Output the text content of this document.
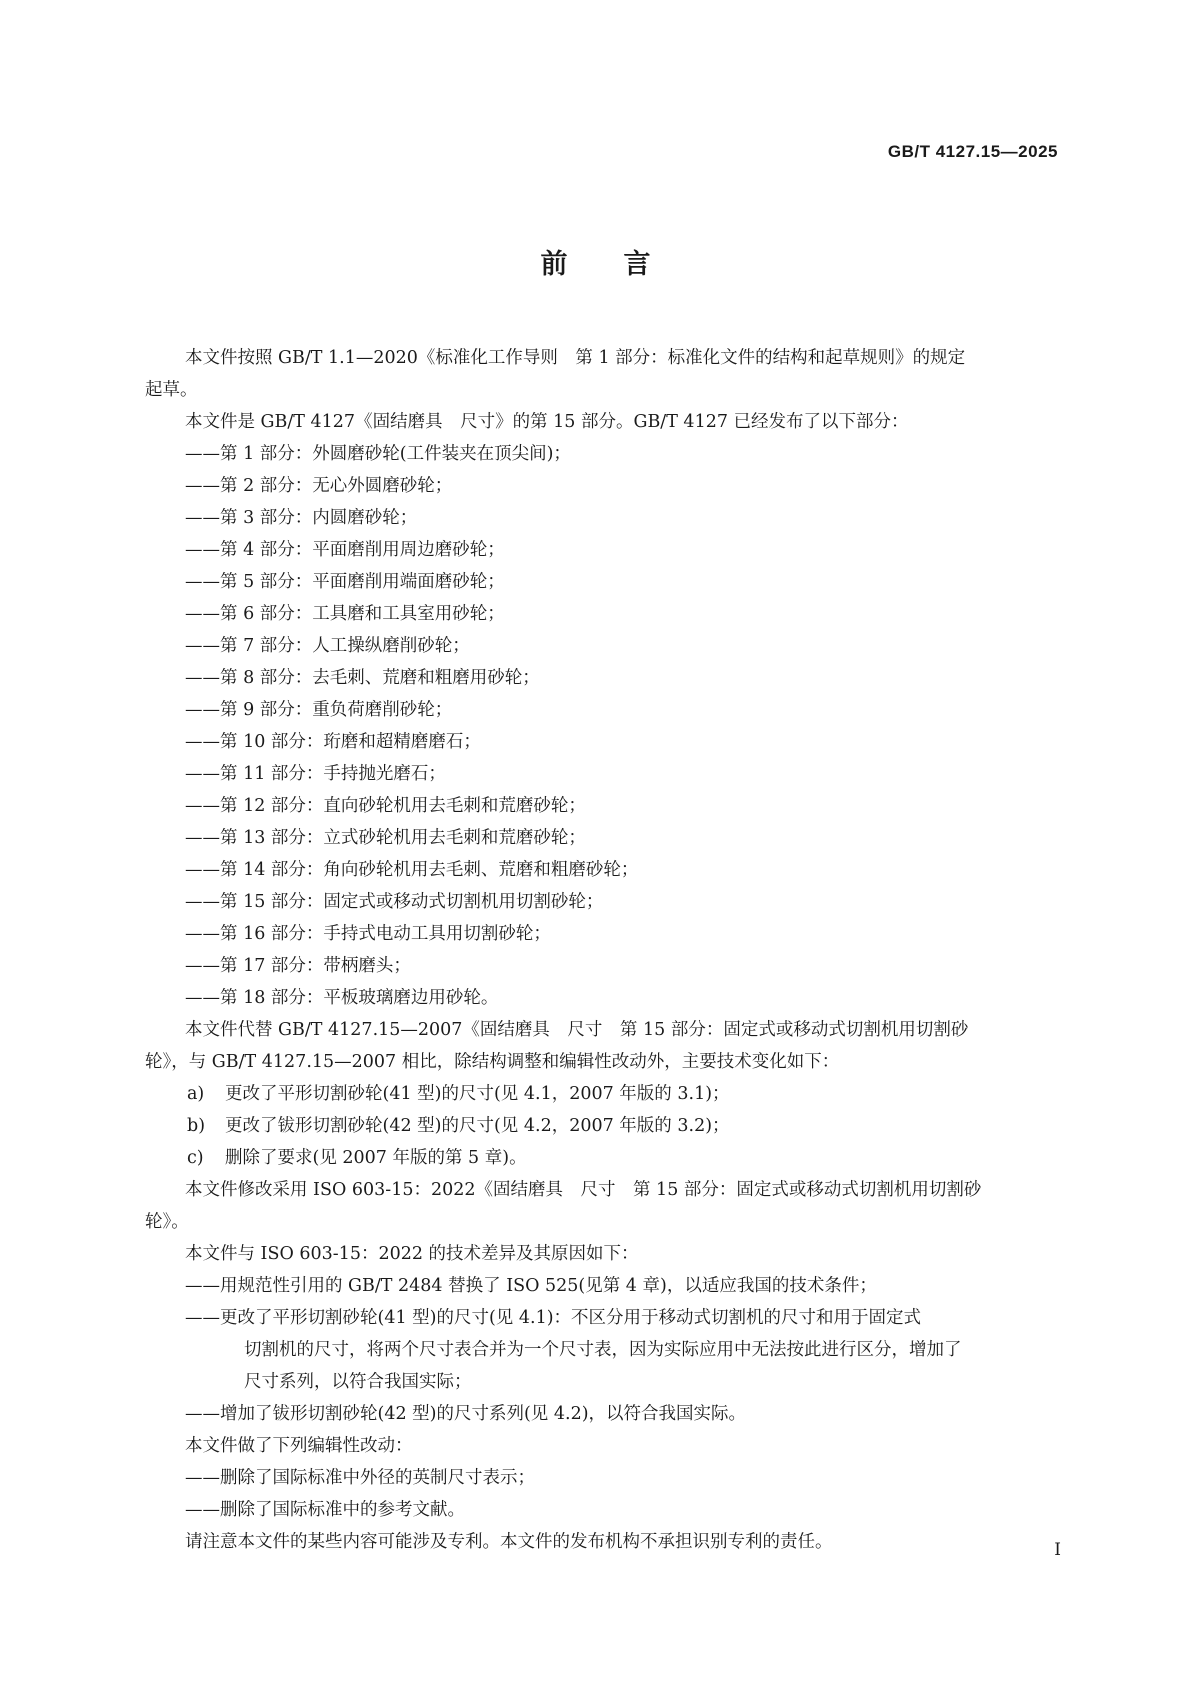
GB/T 4127.15—2025
前言
本文件按照 GB/T 1.1—2020《标准化工作导则　第 1 部分：标准化文件的结构和起草规则》的规定
起草。
本文件是 GB/T 4127《固结磨具　尺寸》的第 15 部分。GB/T 4127 已经发布了以下部分：
——第 1 部分：外圆磨砂轮(工件装夹在顶尖间)；
——第 2 部分：无心外圆磨砂轮；
——第 3 部分：内圆磨砂轮；
——第 4 部分：平面磨削用周边磨砂轮；
——第 5 部分：平面磨削用端面磨砂轮；
——第 6 部分：工具磨和工具室用砂轮；
——第 7 部分：人工操纵磨削砂轮；
——第 8 部分：去毛刺、荒磨和粗磨用砂轮；
——第 9 部分：重负荷磨削砂轮；
——第 10 部分：珩磨和超精磨磨石；
——第 11 部分：手持抛光磨石；
——第 12 部分：直向砂轮机用去毛刺和荒磨砂轮；
——第 13 部分：立式砂轮机用去毛刺和荒磨砂轮；
——第 14 部分：角向砂轮机用去毛刺、荒磨和粗磨砂轮；
——第 15 部分：固定式或移动式切割机用切割砂轮；
——第 16 部分：手持式电动工具用切割砂轮；
——第 17 部分：带柄磨头；
——第 18 部分：平板玻璃磨边用砂轮。
本文件代替 GB/T 4127.15—2007《固结磨具　尺寸　第 15 部分：固定式或移动式切割机用切割砂
轮》，与 GB/T 4127.15—2007 相比，除结构调整和编辑性改动外，主要技术变化如下：
a) 更改了平形切割砂轮(41 型)的尺寸(见 4.1，2007 年版的 3.1)；
b) 更改了钹形切割砂轮(42 型)的尺寸(见 4.2，2007 年版的 3.2)；
c) 删除了要求(见 2007 年版的第 5 章)。
本文件修改采用 ISO 603-15：2022《固结磨具　尺寸　第 15 部分：固定式或移动式切割机用切割砂
轮》。
本文件与 ISO 603-15：2022 的技术差异及其原因如下：
——用规范性引用的 GB/T 2484 替换了 ISO 525(见第 4 章)，以适应我国的技术条件；
——更改了平形切割砂轮(41 型)的尺寸(见 4.1)：不区分用于移动式切割机的尺寸和用于固定式
切割机的尺寸，将两个尺寸表合并为一个尺寸表，因为实际应用中无法按此进行区分，增加了
尺寸系列，以符合我国实际；
——增加了钹形切割砂轮(42 型)的尺寸系列(见 4.2)，以符合我国实际。
本文件做了下列编辑性改动：
——删除了国际标准中外径的英制尺寸表示；
——删除了国际标准中的参考文献。
请注意本文件的某些内容可能涉及专利。本文件的发布机构不承担识别专利的责任。	I
